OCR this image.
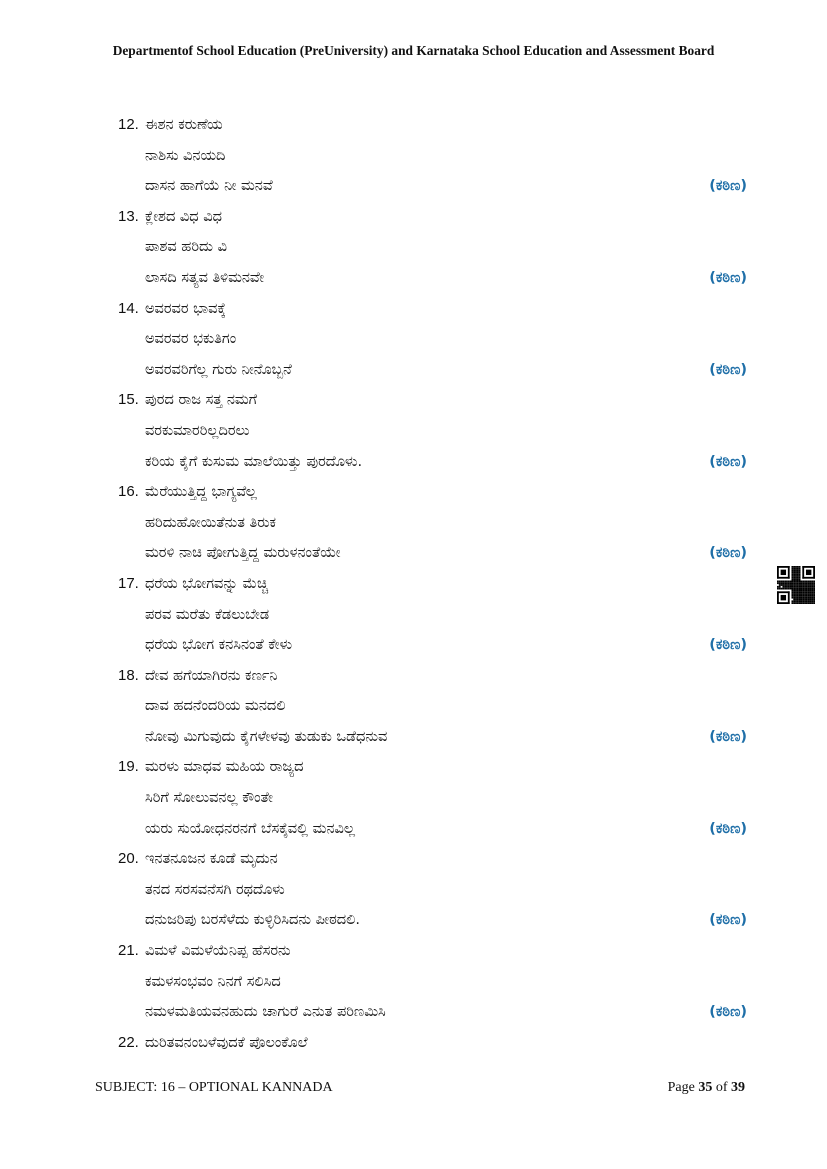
Departmentof School Education (PreUniversity) and Karnataka School Education and Assessment Board
12. ಈಶನ ಕರುಣೆಯ
ನಾಶಿಸು ವಿನಯದಿ
ದಾಸನ ಹಾಗೆಯೆ ನೀ ಮನವೆ	(ಕಠಿಣ)
13. ಕ್ಲೇಶದ ವಿಧ ವಿಧ
ಪಾಶವ ಹರಿದು ವಿ
ಲಾಸದಿ ಸತ್ಯವ ತಿಳಿಮನವೇ	(ಕಠಿಣ)
14. ಅವರವರ ಭಾವಕ್ಕೆ
ಅವರವರ ಭಕುತಿಗಂ
ಅವರವರಿಗೆಲ್ಲ ಗುರು ನೀನೊಬ್ಬನೆ	(ಕಠಿಣ)
15. ಪುರದ ರಾಜ ಸತ್ತ ನಮಗೆ
ವರಕುಮಾರರಿಲ್ಲದಿರಲು
ಕರಿಯ ಕೈಗೆ ಕುಸುಮ ಮಾಲೆಯಿತ್ತು ಪುರದೊಳು.	(ಕಠಿಣ)
16. ಮೆರೆಯುತ್ತಿದ್ದ ಭಾಗ್ಯವೆಲ್ಲ
ಹರಿದುಹೋಯಿತೆನುತ ತಿರುಕ
ಮರಳಿ ನಾಚಿ ಪೋಗುತ್ತಿದ್ದ ಮರುಳನಂತೆಯೇ	(ಕಠಿಣ)
17. ಧರೆಯ ಭೋಗವನ್ನು ಮೆಚ್ಚಿ
ಪರವ ಮರೆತು ಕೆಡಲುಬೇಡ
ಧರೆಯ ಭೋಗ ಕನಸಿನಂತೆ ಕೇಳು	(ಕಠಿಣ)
18. ದೇವ ಹಗೆಯಾಗಿರನು ಕರ್ಣನಿ
ದಾವ ಹದನೆಂದರಿಯ ಮನದಲಿ
ನೋವು ಮಿಗುವುದು ಕೈಗಳೇಳವು ತುಡುಕು ಒಡೆಧನುವ	(ಕಠಿಣ)
19. ಮರಳು ಮಾಧವ ಮಹಿಯ ರಾಜ್ಯದ
ಸಿರಿಗೆ ಸೋಲುವನಲ್ಲ ಕೌಂತೇ
ಯರು ಸುಯೋಧನರನಗೆ ಬೆಸಕೈವಲ್ಲಿ ಮನವಿಲ್ಲ	(ಕಠಿಣ)
20. ಇನತನೂಜನ ಕೂಡೆ ಮೃದುನ
ತನದ ಸರಸವನೆಸಗಿ ರಥದೊಳು
ದನುಜರಿಪು ಬರಸೆಳೆದು ಕುಳ್ಳಿರಿಸಿದನು ಪೀಠದಲಿ.	(ಕಠಿಣ)
21. ವಿಮಳೆ ವಿಮಳೆಯೆನಿಪ್ಪ ಹೆಸರನು
ಕಮಳಸಂಭವಂ ನಿನಗೆ ಸಲಿಸಿದ
ನಮಳಮತಿಯವನಹುದು ಚಾಗುರೆ ಎನುತ ಪರಿಣಮಿಸಿ	(ಕಠಿಣ)
22. ದುರಿತವನಂಬಳೆವುದಕೆ ಪೊಲಂಕೊಲೆ
SUBJECT: 16 – OPTIONAL KANNADA	Page 35 of 39
